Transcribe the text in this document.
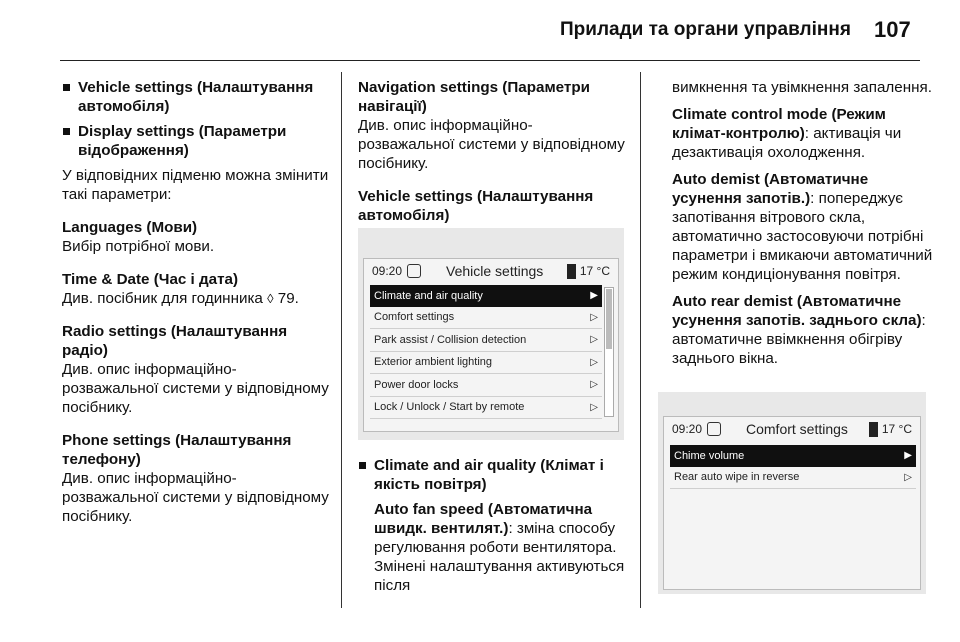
Прилади та органи управління 107
Vehicle settings (Налаштування автомобіля)
Display settings (Параметри відображення)
У відповідних підменю можна змінити такі параметри:
Languages (Мови)
Вибір потрібної мови.
Time & Date (Час і дата)
Див. посібник для годинника ◊ 79.
Radio settings (Налаштування радіо)
Див. опис інформаційно-розважальної системи у відповідному посібнику.
Phone settings (Налаштування телефону)
Див. опис інформаційно-розважальної системи у відповідному посібнику.
Navigation settings (Параметри навігації)
Див. опис інформаційно-розважальної системи у відповідному посібнику.
Vehicle settings (Налаштування автомобіля)
09:20	Vehicle settings	17 °C
Climate and air quality	▶
Comfort settings	▷
Park assist / Collision detection	▷
Exterior ambient lighting	▷
Power door locks	▷
Lock / Unlock / Start by remote	▷
Climate and air quality (Клімат і якість повітря)
Auto fan speed (Автоматична швидк. вентилят.): зміна способу регулювання роботи вентилятора. Змінені налаштування активуються після
вимкнення та увімкнення запалення.
Climate control mode (Режим клімат-контролю): активація чи дезактивація охолодження.
Auto demist (Автоматичне усунення запотів.): попереджує запотівання вітрового скла, автоматично застосовуючи потрібні параметри і вмикаючи автоматичний режим кондиціонування повітря.
Auto rear demist (Автоматичне усунення запотів. заднього скла): автоматичне ввімкнення обігріву заднього вікна.
09:20	Comfort settings	17 °C
Chime volume	▶
Rear auto wipe in reverse	▷
